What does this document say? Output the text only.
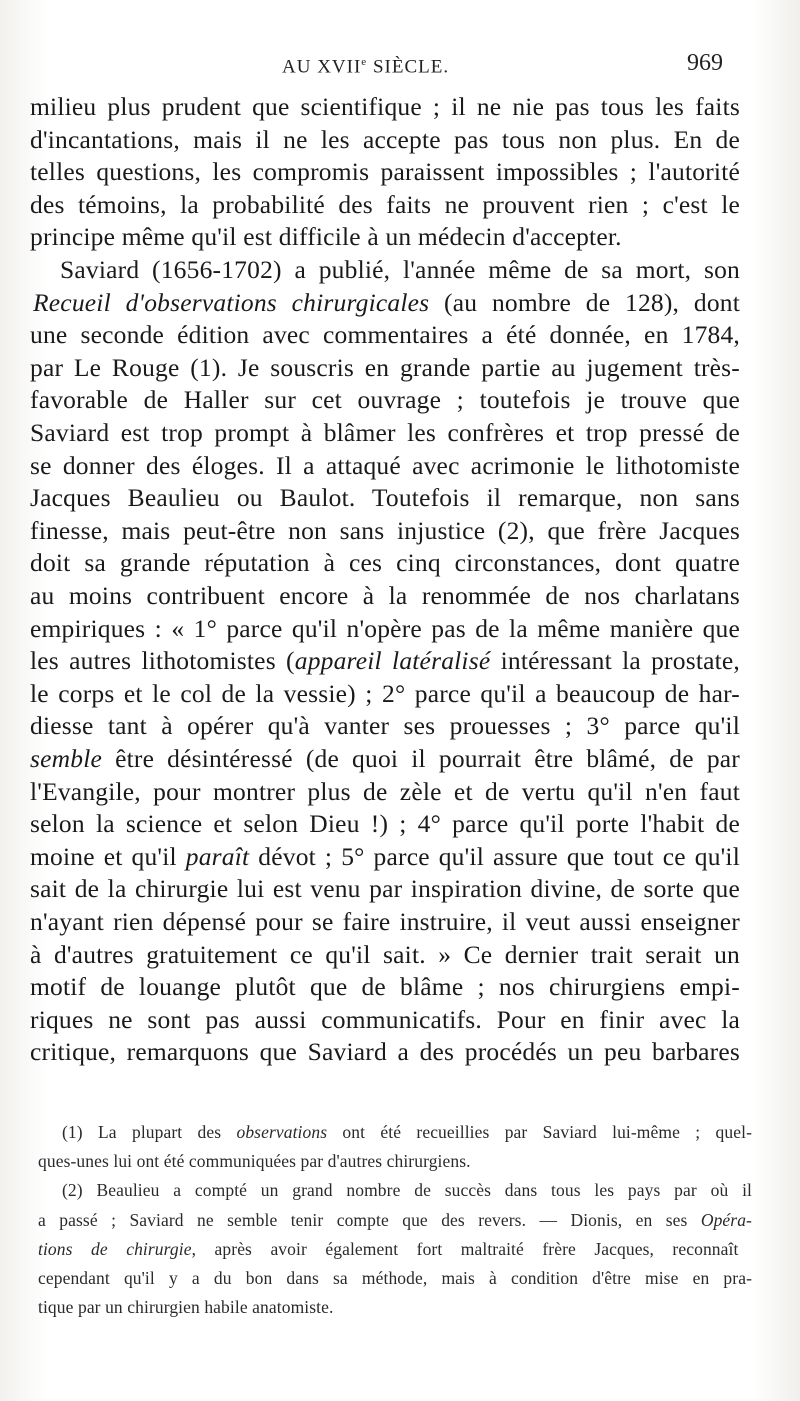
AU XVIIe SIÈCLE.	969
milieu plus prudent que scientifique ; il ne nie pas tous les faits
d'incantations, mais il ne les accepte pas tous non plus. En de
telles questions, les compromis paraissent impossibles ; l'autorité
des témoins, la probabilité des faits ne prouvent rien ; c'est le
principe même qu'il est difficile à un médecin d'accepter.
Saviard (1656-1702) a publié, l'année même de sa mort, son
Recueil d'observations chirurgicales (au nombre de 128), dont
une seconde édition avec commentaires a été donnée, en 1784,
par Le Rouge (1). Je souscris en grande partie au jugement très-
favorable de Haller sur cet ouvrage ; toutefois je trouve que
Saviard est trop prompt à blâmer les confrères et trop pressé de
se donner des éloges. Il a attaqué avec acrimonie le lithotomiste
Jacques Beaulieu ou Baulot. Toutefois il remarque, non sans
finesse, mais peut-être non sans injustice (2), que frère Jacques
doit sa grande réputation à ces cinq circonstances, dont quatre
au moins contribuent encore à la renommée de nos charlatans
empiriques : « 1° parce qu'il n'opère pas de la même manière que
les autres lithotomistes (appareil latéralisé intéressant la prostate,
le corps et le col de la vessie) ; 2° parce qu'il a beaucoup de har-
diesse tant à opérer qu'à vanter ses prouesses ; 3° parce qu'il
semble être désintéressé (de quoi il pourrait être blâmé, de par
l'Evangile, pour montrer plus de zèle et de vertu qu'il n'en faut
selon la science et selon Dieu !) ; 4° parce qu'il porte l'habit de
moine et qu'il paraît dévot ; 5° parce qu'il assure que tout ce qu'il
sait de la chirurgie lui est venu par inspiration divine, de sorte que
n'ayant rien dépensé pour se faire instruire, il veut aussi enseigner
à d'autres gratuitement ce qu'il sait. » Ce dernier trait serait un
motif de louange plutôt que de blâme ; nos chirurgiens empi-
riques ne sont pas aussi communicatifs. Pour en finir avec la
critique, remarquons que Saviard a des procédés un peu barbares
(1) La plupart des observations ont été recueillies par Saviard lui-même ; quel-
ques-unes lui ont été communiquées par d'autres chirurgiens.
(2) Beaulieu a compté un grand nombre de succès dans tous les pays par où il
a passé ; Saviard ne semble tenir compte que des revers. — Dionis, en ses Opéra-
tions de chirurgie, après avoir également fort maltraité frère Jacques, reconnaît
cependant qu'il y a du bon dans sa méthode, mais à condition d'être mise en pra-
tique par un chirurgien habile anatomiste.
